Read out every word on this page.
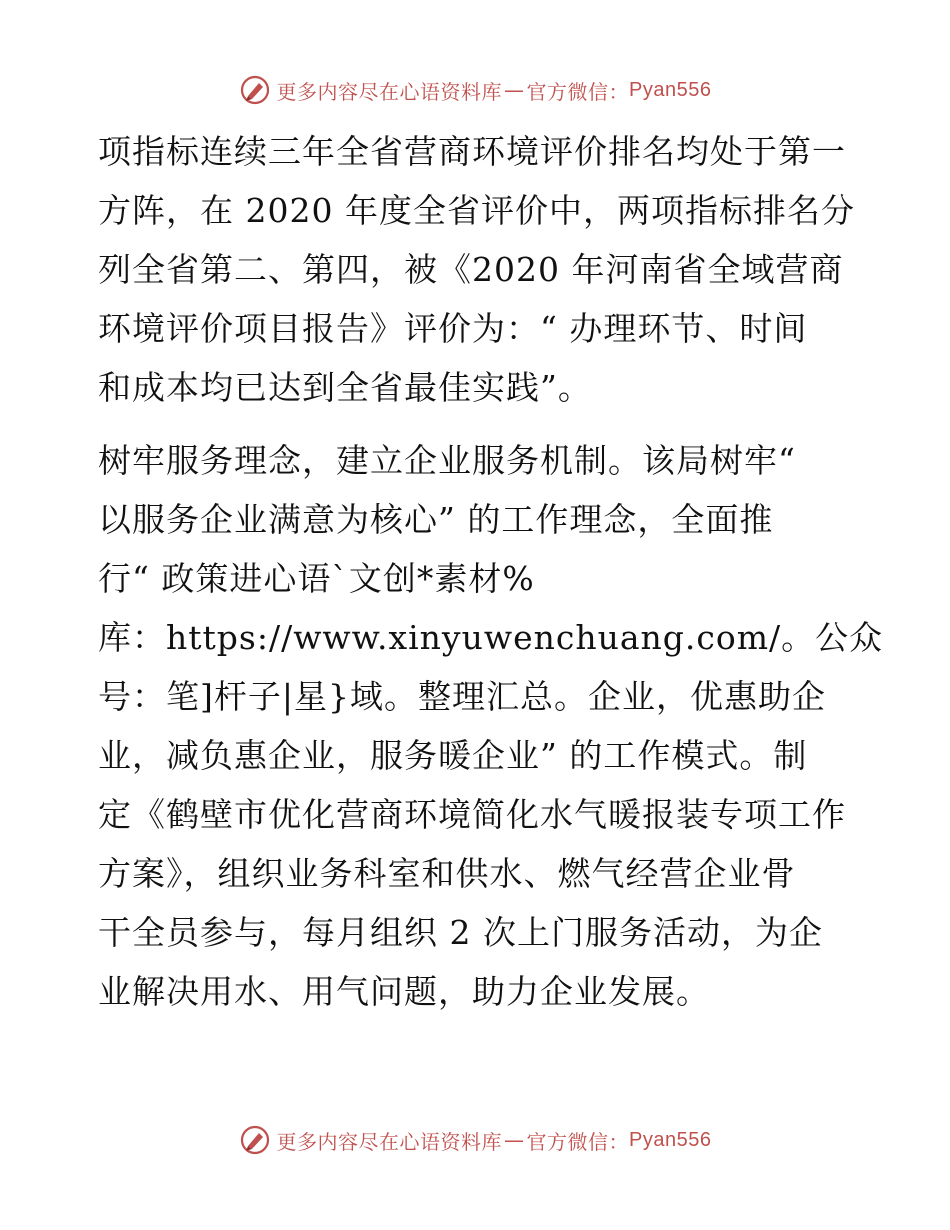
更多内容尽在心语资料库 — 官方微信： Pyan556
项指标连续三年全省营商环境评价排名均处于第一
方阵，在 2020 年度全省评价中，两项指标排名分
列全省第二、第四，被《2020 年河南省全域营商
环境评价项目报告》评价为：“ 办理环节、时间
和成本均已达到全省最佳实践”。
树牢服务理念，建立企业服务机制。该局树牢“
以服务企业满意为核心” 的工作理念，全面推
行“ 政策进心语`文创*素材%
库：https://www.xinyuwenchuang.com/。公众
号：笔]杆子|星}域。整理汇总。企业，优惠助企
业，减负惠企业，服务暖企业” 的工作模式。制
定《鹤壁市优化营商环境简化水气暖报装专项工作
方案》，组织业务科室和供水、燃气经营企业骨
干全员参与，每月组织 2 次上门服务活动，为企
业解决用水、用气问题，助力企业发展。
更多内容尽在心语资料库 — 官方微信： Pyan556
